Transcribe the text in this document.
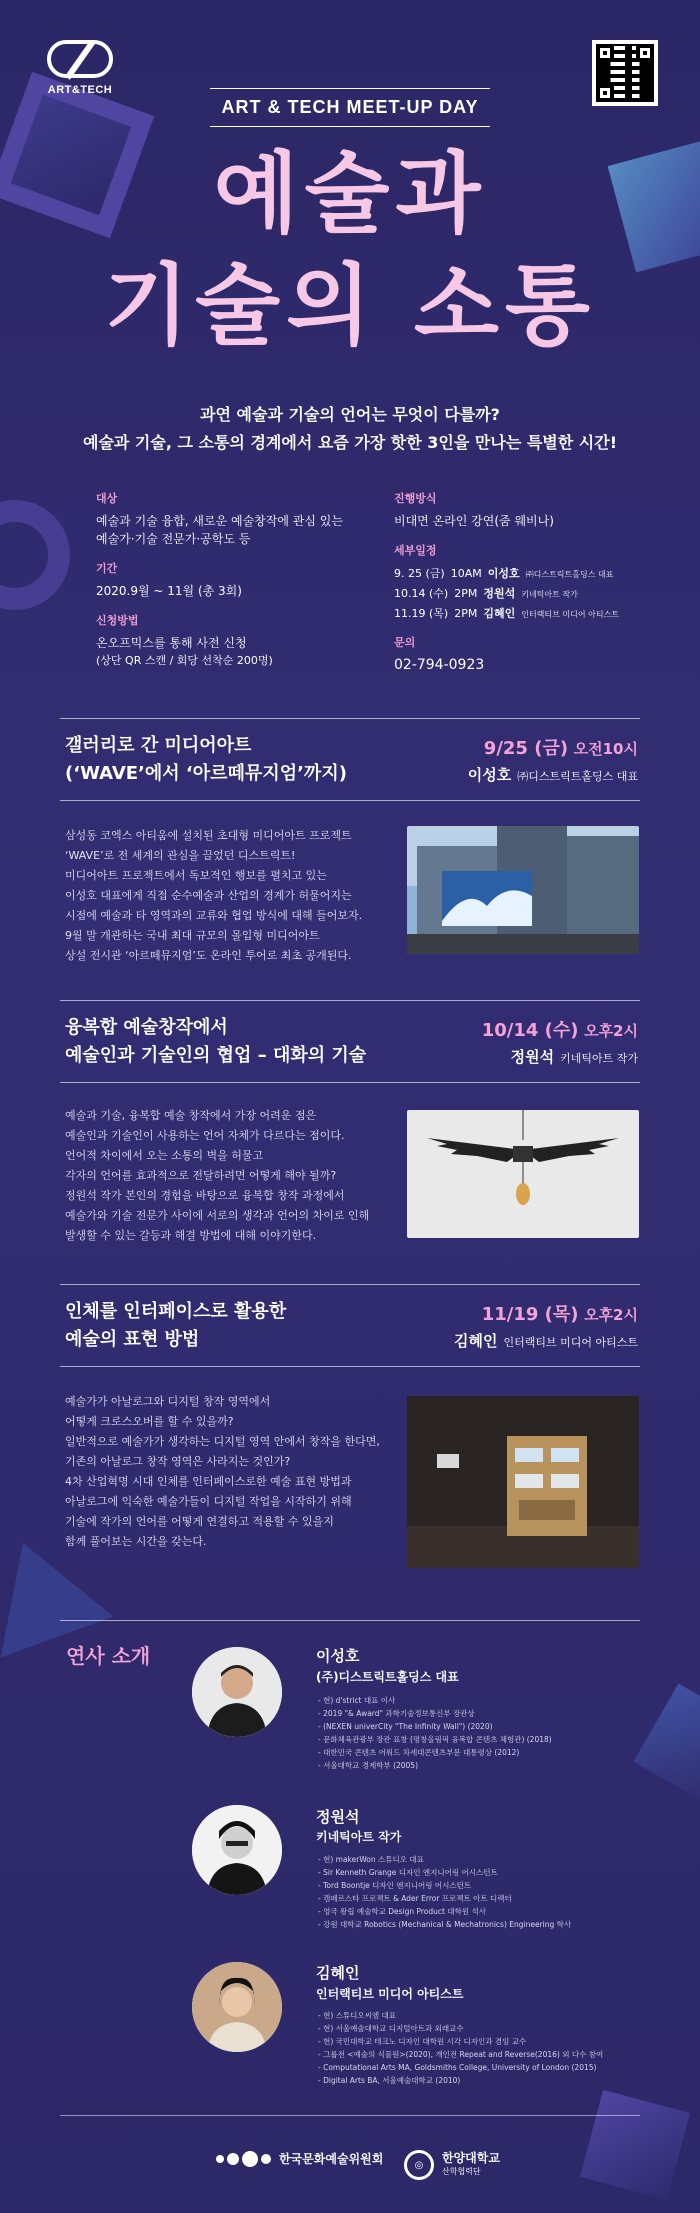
ART&TECH
ART & TECH MEET-UP DAY
예술과
기술의 소통
과연 예술과 기술의 언어는 무엇이 다를까?
예술과 기술, 그 소통의 경계에서 요즘 가장 핫한 3인을 만나는 특별한 시간!
대상
예술과 기술 융합, 새로운 예술창작에 관심 있는
예술가·기술 전문가·공학도 등
기간
2020.9월 ~ 11월 (총 3회)
신청방법
온오프믹스를 통해 사전 신청
(상단 QR 스캔 / 회당 선착순 200명)
진행방식
비대면 온라인 강연(줌 웨비나)
세부일정
9. 25 (금) 10AM 이성호 ㈜디스트릭트홀딩스 대표
10.14 (수) 2PM 정원석 키네틱아트 작가
11.19 (목) 2PM 김혜인 인터랙티브 미디어 아티스트
문의
02-794-0923
갤러리로 간 미디어아트
(‘WAVE’에서 ‘아르떼뮤지엄’까지)
9/25 (금) 오전10시
이성호 ㈜디스트릭트홀딩스 대표
삼성동 코엑스 아티움에 설치된 초대형 미디어아트 프로젝트
‘WAVE’로 전 세계의 관심을 끌었던 디스트릭트!
미디어아트 프로젝트에서 독보적인 행보를 펼치고 있는
이성호 대표에게 직접 순수예술과 산업의 경계가 허물어지는
시점에 예술과 타 영역과의 교류와 협업 방식에 대해 들어보자.
9월 말 개관하는 국내 최대 규모의 몰입형 미디어아트
상설 전시관 ‘아르떼뮤지엄’도 온라인 투어로 최초 공개된다.
융복합 예술창작에서
예술인과 기술인의 협업 – 대화의 기술
10/14 (수) 오후2시
정원석 키네틱아트 작가
예술과 기술, 융복합 예술 창작에서 가장 어려운 점은
예술인과 기술인이 사용하는 언어 자체가 다르다는 점이다.
언어적 차이에서 오는 소통의 벽을 허물고
각자의 언어를 효과적으로 전달하려면 어떻게 해야 될까?
정원석 작가 본인의 경험을 바탕으로 융복합 창작 과정에서
예술가와 기술 전문가 사이에 서로의 생각과 언어의 차이로 인해
발생할 수 있는 갈등과 해결 방법에 대해 이야기한다.
인체를 인터페이스로 활용한
예술의 표현 방법
11/19 (목) 오후2시
김혜인 인터랙티브 미디어 아티스트
예술가가 아날로그와 디지털 창작 영역에서
어떻게 크로스오버를 할 수 있을까?
일반적으로 예술가가 생각하는 디지털 영역 안에서 창작을 한다면,
기존의 아날로그 창작 영역은 사라지는 것인가?
4차 산업혁명 시대 인체를 인터페이스로한 예술 표현 방법과
아날로그에 익숙한 예술가들이 디지털 작업을 시작하기 위해
기술에 작가의 언어를 어떻게 연결하고 적용할 수 있을지
함께 풀어보는 시간을 갖는다.
연사 소개	이성호
(주)디스트릭트홀딩스 대표
- 현) d'strict 대표 이사
- 2019 "& Award" 과학기술정보통신부 장관상
- (NEXEN univerCity "The Infinity Wall") (2020)
- 문화체육관광부 장관 표창 (평창올림픽 융복합 콘텐츠 체험관) (2018)
- 대한민국 콘텐츠 어워드 차세대콘텐츠부문 대통령상 (2012)
- 서울대학교 경제학부 (2005)
정원석
키네틱아트 작가
- 현) makerWon 스튜디오 대표
- Sir Kenneth Grange 디자인 엔지니어링 어시스턴트
- Tord Boontje 디자인 엔지니어링 어시스턴트
- 캠페르스타 프로젝트 & Ader Error 프로젝트 아트 디렉터
- 영국 왕립 예술학교 Design Product 대학원 석사
- 강원 대학교 Robotics (Mechanical & Mechatronics) Engineering 학사
김혜인
인터랙티브 미디어 아티스트
- 현) 스튜디오씨엠 대표
- 현) 서울예술대학교 디지털아트과 외래교수
- 현) 국민대학교 테크노 디자인 대학원 시각 디자인과 겸임 교수
- 그룹전 <예술의 식물원>(2020), 개인전 Repeat and Reverse(2016) 외 다수 참여
- Computational Arts MA, Goldsmiths College, University of London (2015)
- Digital Arts BA, 서울예술대학교 (2010)
한국문화예술위원회	◎	한양대학교
산학협력단
